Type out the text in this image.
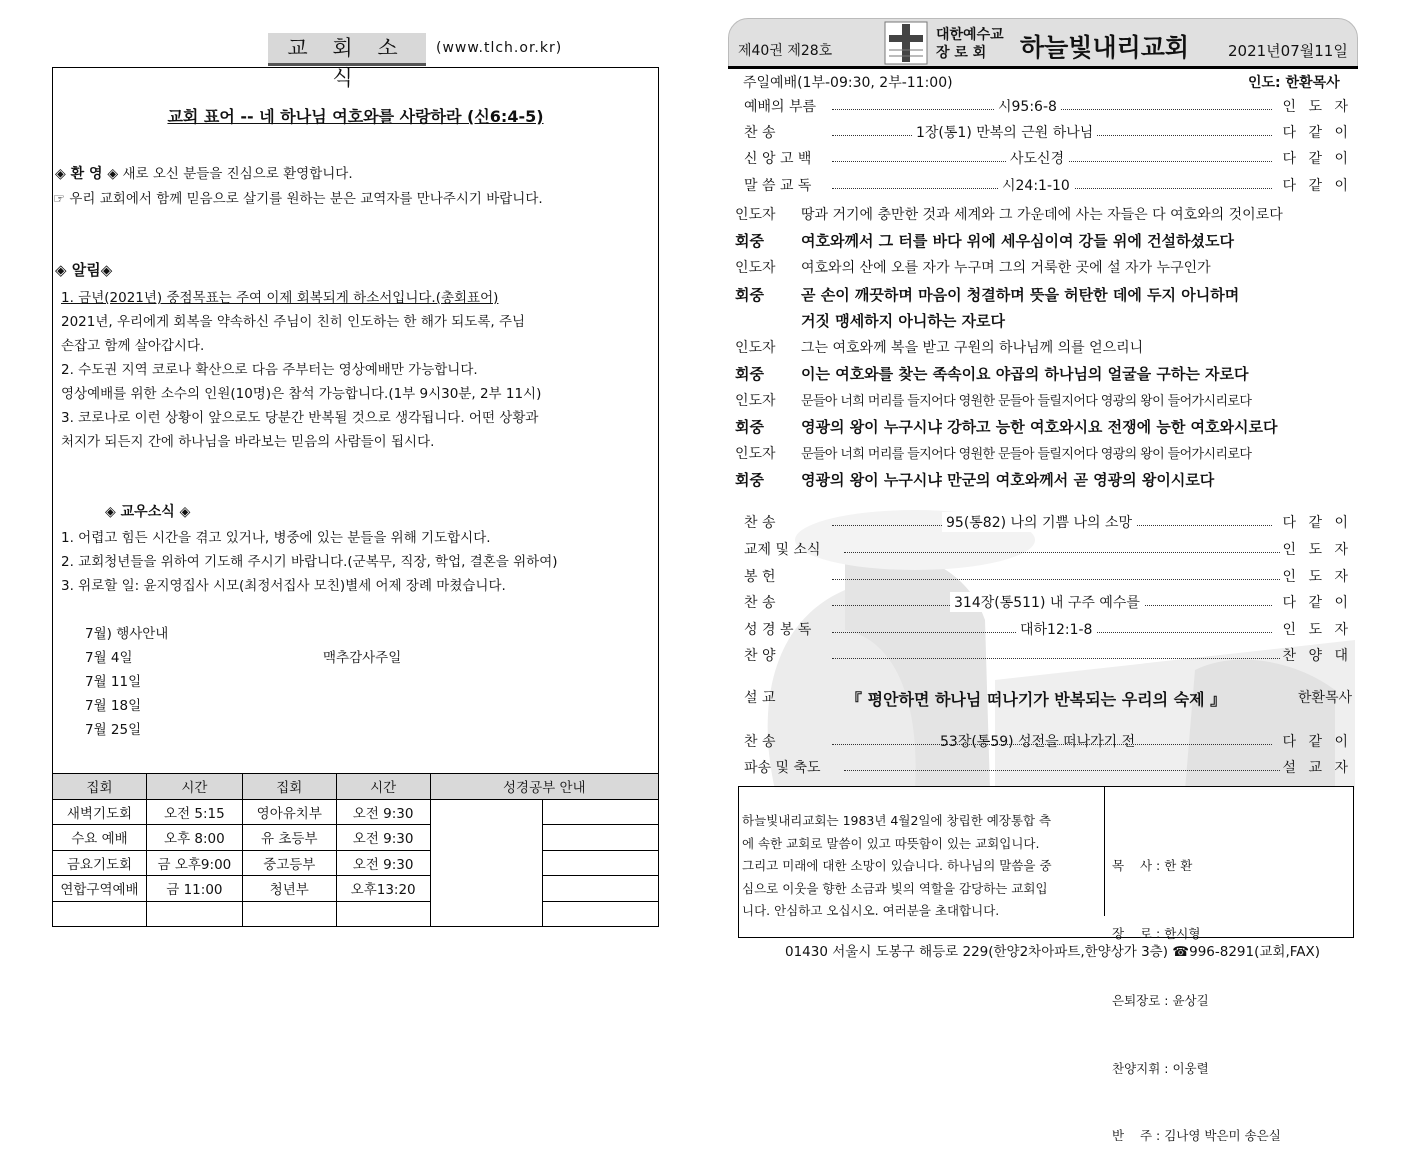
교 회 소 식
(www.tlch.or.kr)
교회 표어 -- 네 하나님 여호와를 사랑하라 (신6:4-5)
◈ 환 영 ◈ 새로 오신 분들을 진심으로 환영합니다.
☞ 우리 교회에서 함께 믿음으로 살기를 원하는 분은 교역자를 만나주시기 바랍니다.
◈ 알림◈
1. 금년(2021년) 중점목표는 주여 이제 회복되게 하소서입니다.(총회표어)
2021년, 우리에게 회복을 약속하신 주님이 친히 인도하는 한 해가 되도록, 주님
손잡고 함께 살아갑시다.
2. 수도권 지역 코로나 확산으로 다음 주부터는 영상예배만 가능합니다.
영상예배를 위한 소수의 인원(10명)은 참석 가능합니다.(1부 9시30분, 2부 11시)
3. 코로나로 이런 상황이 앞으로도 당분간 반복될 것으로 생각됩니다. 어떤 상황과
처지가 되든지 간에 하나님을 바라보는 믿음의 사람들이 됩시다.
◈ 교우소식 ◈
1. 어렵고 힘든 시간을 겪고 있거나, 병중에 있는 분들을 위해 기도합시다.
2. 교회청년들을 위하여 기도해 주시기 바랍니다.(군복무, 직장, 학업, 결혼을 위하여)
3. 위로할 일: 윤지영집사 시모(최정서집사 모친)별세 어제 장례 마쳤습니다.
7월) 행사안내
7월 4일	맥추감사주일
7월 11일
7월 18일
7월 25일
집회	시간	집회	시간	성경공부 안내	
새벽기도회	오전 5:15	영아유치부	오전 9:30		
수요 예배	오후 8:00	유 초등부	오전 9:30		
금요기도회	금 오후9:00	중고등부	오전 9:30		
연합구역예배	금 11:00	청년부	오후13:20		

제40권 제28호
대한예수교
장 로 회 하늘빛내리교회	2021년07월11일
주일예배(1부-09:30, 2부-11:00)	인도: 한환목사
예배의 부름	시95:6-8	인 도 자
찬 송	1장(통1) 만복의 근원 하나님	다 같 이
신 앙 고 백	사도신경	다 같 이
말 씀 교 독	시24:1-10	다 같 이
인도자 땅과 거기에 충만한 것과 세계와 그 가운데에 사는 자들은 다 여호와의 것이로다
회중 여호와께서 그 터를 바다 위에 세우심이여 강들 위에 건설하셨도다
인도자 여호와의 산에 오를 자가 누구며 그의 거룩한 곳에 설 자가 누구인가
회중 곧 손이 깨끗하며 마음이 청결하며 뜻을 허탄한 데에 두지 아니하며
거짓 맹세하지 아니하는 자로다
인도자 그는 여호와께 복을 받고 구원의 하나님께 의를 얻으리니
회중 이는 여호와를 찾는 족속이요 야곱의 하나님의 얼굴을 구하는 자로다
인도자 문들아 너희 머리를 들지어다 영원한 문들아 들릴지어다 영광의 왕이 들어가시리로다
회중 영광의 왕이 누구시냐 강하고 능한 여호와시요 전쟁에 능한 여호와시로다
인도자 문들아 너희 머리를 들지어다 영원한 문들아 들릴지어다 영광의 왕이 들어가시리로다
회중 영광의 왕이 누구시냐 만군의 여호와께서 곧 영광의 왕이시로다
찬 송	95(통82) 나의 기쁨 나의 소망	다 같 이
교제 및 소식	인 도 자
봉 헌	인 도 자
찬 송	314장(통511) 내 구주 예수를	다 같 이
성 경 봉 독	대하12:1-8	인 도 자
찬 양	찬 양 대
설 교	『 평안하면 하나님 떠나기가 반복되는 우리의 숙제 』	한환목사
찬 송	53장(통59) 성전을 떠나가기 전	다 같 이
파송 및 축도	설 교 자
하늘빛내리교회는 1983년 4월2일에 창립한 예장통합 측
에 속한 교회로 말씀이 있고 따뜻함이 있는 교회입니다.
그리고 미래에 대한 소망이 있습니다. 하나님의 말씀을 중
심으로 이웃을 향한 소금과 빛의 역할을 감당하는 교회입
니다. 안심하고 오십시오. 여러분을 초대합니다.

목    사 : 한 환

장    로 : 한시형

은퇴장로 : 윤상길

찬양지휘 : 이웅렬

반    주 : 김나영 박은미 송은실

01430 서울시 도봉구 해등로 229(한양2차아파트,한양상가 3층) ☎996-8291(교회,FAX)
